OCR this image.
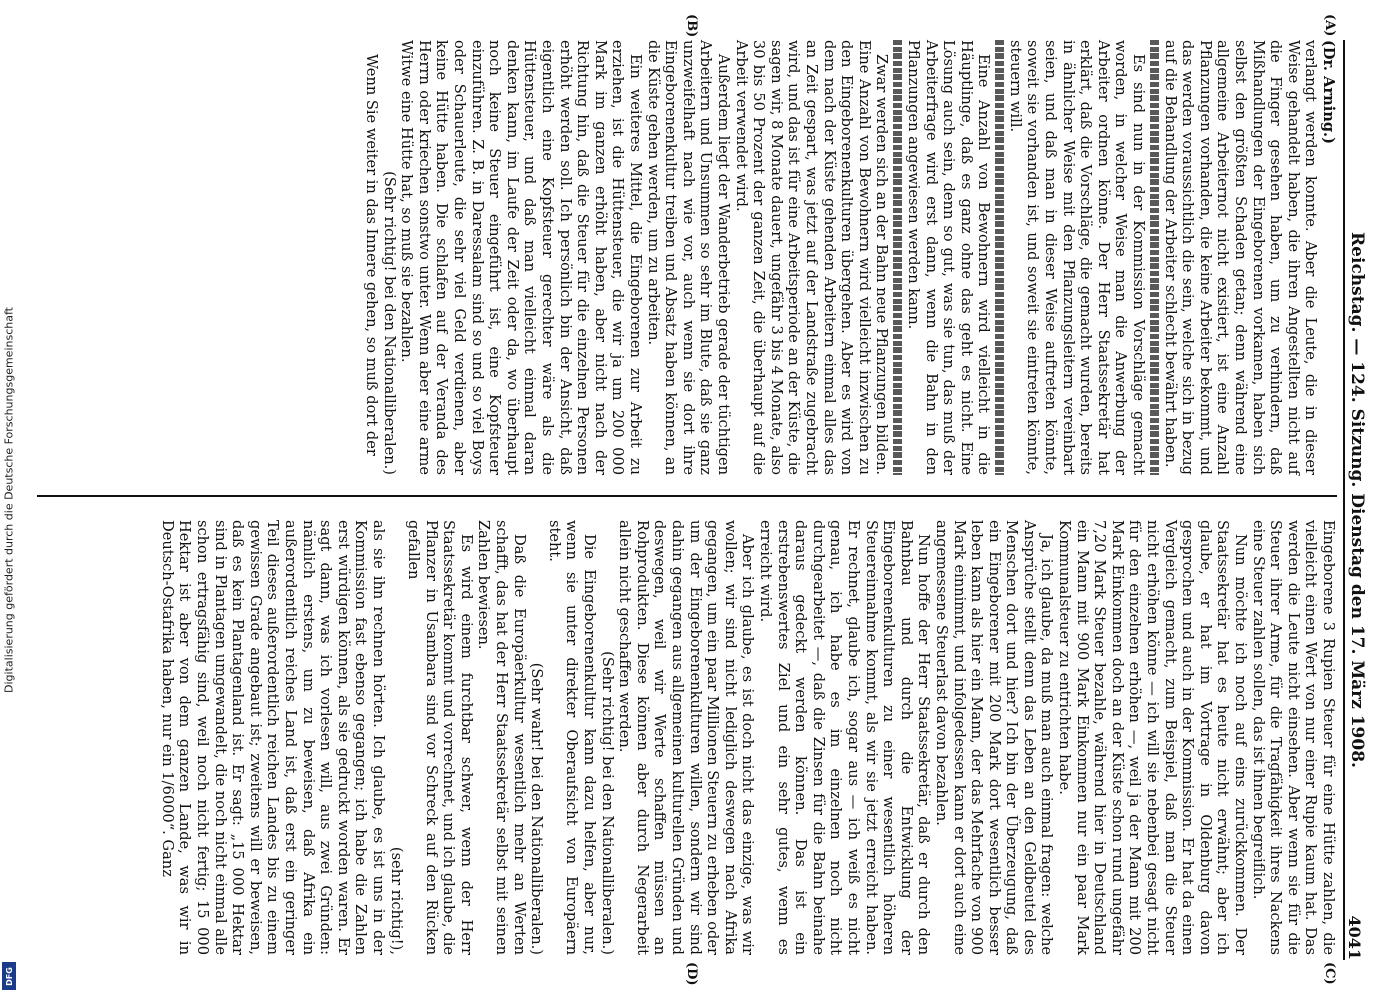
Digitalisierung gefördert durch die Deutsche Forschungsgemeinschaft
DFG
Reichstag. — 124. Sitzung. Dienstag den 17. März 1908.
4041
(A)
(B)
(C)
(D)
(Dr. Arning.)

verlangt werden konnte. Aber die Leute, die in dieser Weise gehandelt haben, die ihren Angestellten nicht auf die Finger gesehen haben, um zu verhindern, daß Mißhandlungen der Eingeborenen vorkamen, haben sich selbst den größten Schaden getan; denn während eine allgemeine Arbeiternot nicht existiert, ist eine Anzahl Pflanzungen vorhanden, die keine Arbeiter bekommt, und das werden voraussichtlich die sein, welche sich in bezug auf die Behandlung der Arbeiter schlecht bewährt haben.

Es sind nun in der Kommission Vorschläge gemacht worden, in welcher Weise man die Anwerbung der Arbeiter ordnen könne. Der Herr Staatssekretär hat erklärt, daß die Vorschläge, die gemacht wurden, bereits in ähnlicher Weise mit den Pflanzungsleitern vereinbart seien, und daß man in dieser Weise auftreten könnte, soweit sie vorhanden ist, und soweit sie eintreten könnte, steuern will.

Eine Anzahl von Bewohnern wird vielleicht in die Häuptlinge, daß es ganz ohne das geht es nicht. Eine Lösung auch sein, denn so gut, was sie tun, das muß der Arbeiterfrage wird erst dann, wenn die Bahn in den Pflanzungen angewiesen werden kann.

Zwar werden sich an der Bahn neue Pflanzungen bilden. Eine Anzahl von Bewohnern wird vielleicht inzwischen zu den Eingeborenenkulturen übergehen. Aber es wird von dem nach der Küste gehenden Arbeitern einmal alles das an Zeit gespart, was jetzt auf der Landstraße zugebracht wird, und das ist für eine Arbeitsperiode an der Küste, die sagen wir, 8 Monate dauert, ungefähr 3 bis 4 Monate, also 30 bis 50 Prozent der ganzen Zeit, die überhaupt auf die Arbeit verwendet wird.

Außerdem liegt der Wanderbetrieb gerade der tüchtigen Arbeitern und Unsummen so sehr im Blute, daß sie ganz unzweifelhaft nach wie vor, auch wenn sie dort ihre Eingeborenenkultur treiben und Absatz haben können, an die Küste gehen werden, um zu arbeiten.

Ein weiteres Mittel, die Eingeborenen zur Arbeit zu erziehen, ist die Hüttensteuer, die wir ja um 200 000 Mark im ganzen erhöht haben, aber nicht nach der Richtung hin, daß die Steuer für die einzelnen Personen erhöht werden soll. Ich persönlich bin der Ansicht, daß eigentlich eine Kopfsteuer gerechter wäre als die Hüttensteuer, und daß man vielleicht einmal daran denken kann, im Laufe der Zeit oder da, wo überhaupt noch keine Steuer eingeführt ist, eine Kopfsteuer einzuführen. Z. B. in Daressalam sind so und so viel Boys oder Schauerleute, die sehr viel Geld verdienen, aber keine Hütte haben. Die schlafen auf der Veranda des Herrn oder kriechen sonstwo unter. Wenn aber eine arme Witwe eine Hütte hat, so muß sie bezahlen.

(Sehr richtig! bei den Nationalliberalen.)

Wenn Sie weiter in das Innere gehen, so muß dort der

Eingeborene 3 Rupien Steuer für eine Hütte zahlen, die vielleicht einen Wert von nur einer Rupie kaum hat. Das werden die Leute nicht einsehen. Aber wenn sie für die Steuer ihrer Arme, für die Tragfähigkeit ihres Nackens eine Steuer zahlen sollen, das ist ihnen begreiflich.

Nun möchte ich noch auf eins zurückkommen. Der Staatssekretär hat es heute nicht erwähnt; aber ich glaube, er hat im Vortrage in Oldenburg davon gesprochen und auch in der Kommission. Er hat da einen Vergleich gemacht, zum Beispiel, daß man die Steuer nicht erhöhen könne — ich will sie nebenbei gesagt nicht für den einzelnen erhöhen —, weil ja der Mann mit 200 Mark Einkommen doch an der Küste schon rund ungefähr 7,20 Mark Steuer bezahle, während hier in Deutschland ein Mann mit 900 Mark Einkommen nur ein paar Mark Kommunalsteuer zu entrichten habe.

Ja, ich glaube, da muß man auch einmal fragen: welche Ansprüche stellt denn das Leben an den Geldbeutel des Menschen dort und hier? Ich bin der Überzeugung, daß ein Eingeborener mit 200 Mark dort wesentlich besser leben kann als hier ein Mann, der das Mehrfache von 900 Mark einnimmt, und infolgedessen kann er dort auch eine angemessene Steuerlast davon bezahlen.

Nun hoffe der Herr Staatssekretär, daß er durch den Bahnbau und durch die Entwicklung der Eingeborenenkulturen zu einer wesentlich höheren Steuereinnahme kommt, als wir sie jetzt erreicht haben. Er rechnet, glaube ich, sogar aus — ich weiß es nicht genau, ich habe es im einzelnen noch nicht durchgearbeitet —, daß die Zinsen für die Bahn beinahe daraus gedeckt werden können. Das ist ein erstrebenswertes Ziel und ein sehr gutes, wenn es erreicht wird.

Aber ich glaube, es ist doch nicht das einzige, was wir wollen; wir sind nicht lediglich deswegen nach Afrika gegangen, um ein paar Millionen Steuern zu erheben oder um der Eingeborenenkulturen willen, sondern wir sind dahin gegangen aus allgemeinen kulturellen Gründen und deswegen, weil wir Werte schaffen müssen an Rohprodukten. Diese können aber durch Negerarbeit allein nicht geschaffen werden.

(Sehr richtig! bei den Nationalliberalen.)

Die Eingeborenenkultur kann dazu helfen, aber nur, wenn sie unter direkter Oberaufsicht von Europäern steht.

(Sehr wahr! bei den Nationalliberalen.)

Daß die Europäerkultur wesentlich mehr an Werten schafft, das hat der Herr Staatssekretär selbst mit seinen Zahlen bewiesen.

Es wird einem furchtbar schwer, wenn der Herr Staatssekretär kommt und vorrechnet, und ich glaube, die Pflanzer in Usambara sind vor Schreck auf den Rücken gefallen

(sehr richtig!),

als sie ihn rechnen hörten. Ich glaube, es ist uns in der Kommission fast ebenso gegangen; ich habe die Zahlen erst würdigen können, als sie gedruckt worden waren. Er sagt dann, was ich vorlesen will, aus zwei Gründen: nämlich erstens, um zu beweisen, daß Afrika ein außerordentlich reiches Land ist, daß erst ein geringer Teil dieses außerordentlich reichen Landes bis zu einem gewissen Grade angebaut ist; zweitens will er beweisen, daß es kein Plantagenland ist. Er sagt: „15 000 Hektar sind in Plantagen umgewandelt, die noch nicht einmal alle schon ertragsfähig sind, weil noch nicht fertig; 15 000 Hektar ist aber von dem ganzen Lande, was wir in Deutsch-Ostafrika haben, nur ein 1/6000“. Ganz
